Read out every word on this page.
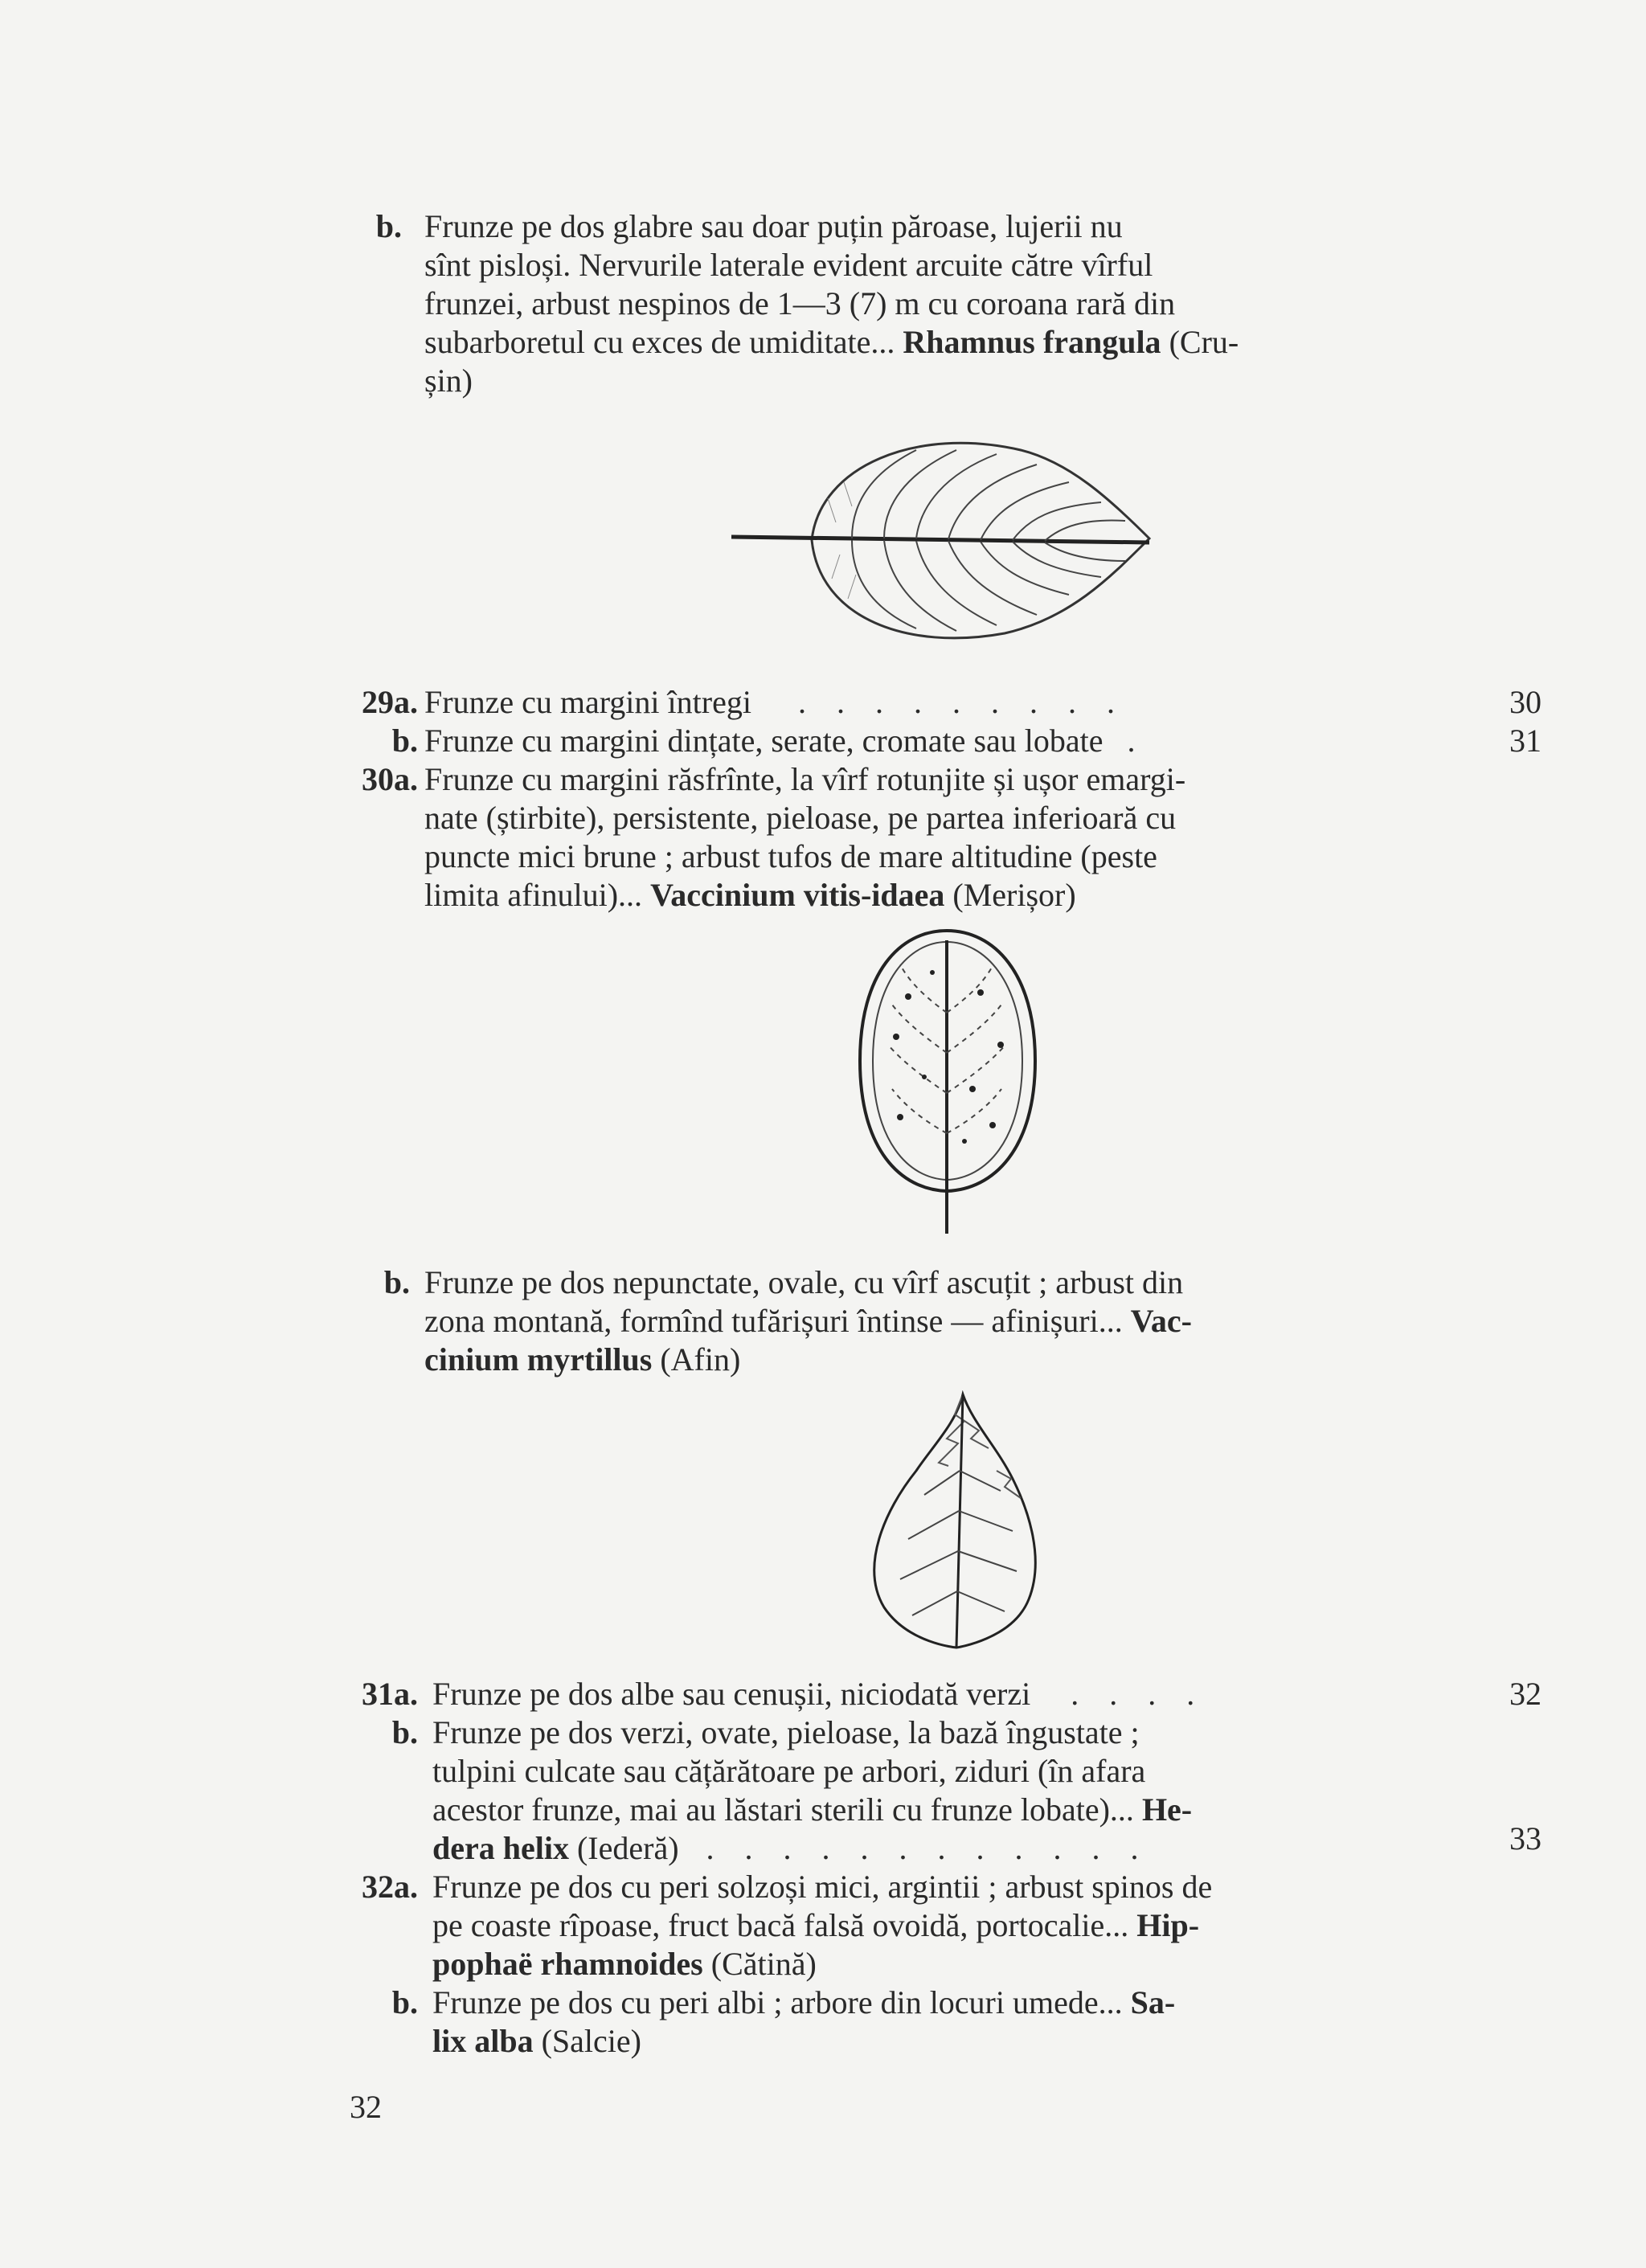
b. Frunze pe dos glabre sau doar puțin păroase, lujerii nu
sînt pisloși. Nervurile laterale evident arcuite către vîrful
frunzei, arbust nespinos de 1—3 (7) m cu coroana rară din
subarboretul cu exces de umiditate... Rhamnus frangula (Cru-
șin)
29a. Frunze cu margini întregi . . . . . . . . .
b. Frunze cu margini dințate, serate, cromate sau lobate .
30
31
30a. Frunze cu margini răsfrînte, la vîrf rotunjite și ușor emargi-
nate (știrbite), persistente, pieloase, pe partea inferioară cu
puncte mici brune ; arbust tufos de mare altitudine (peste
limita afinului)... Vaccinium vitis-idaea (Merișor)
b. Frunze pe dos nepunctate, ovale, cu vîrf ascuțit ; arbust din
zona montană, formînd tufărișuri întinse — afinișuri... Vac-
cinium myrtillus (Afin)
31a. Frunze pe dos albe sau cenușii, niciodată verzi . . . .
b. Frunze pe dos verzi, ovate, pieloase, la bază îngustate ;
tulpini culcate sau cățărătoare pe arbori, ziduri (în afara
acestor frunze, mai au lăstari sterili cu frunze lobate)... He-
dera helix (Iederă) . . . . . . . . . . . .
32
33
32a. Frunze pe dos cu peri solzoși mici, argintii ; arbust spinos de
pe coaste rîpoase, fruct bacă falsă ovoidă, portocalie... Hip-
pophaë rhamnoides (Cătină)
b. Frunze pe dos cu peri albi ; arbore din locuri umede... Sa-
lix alba (Salcie)
32
